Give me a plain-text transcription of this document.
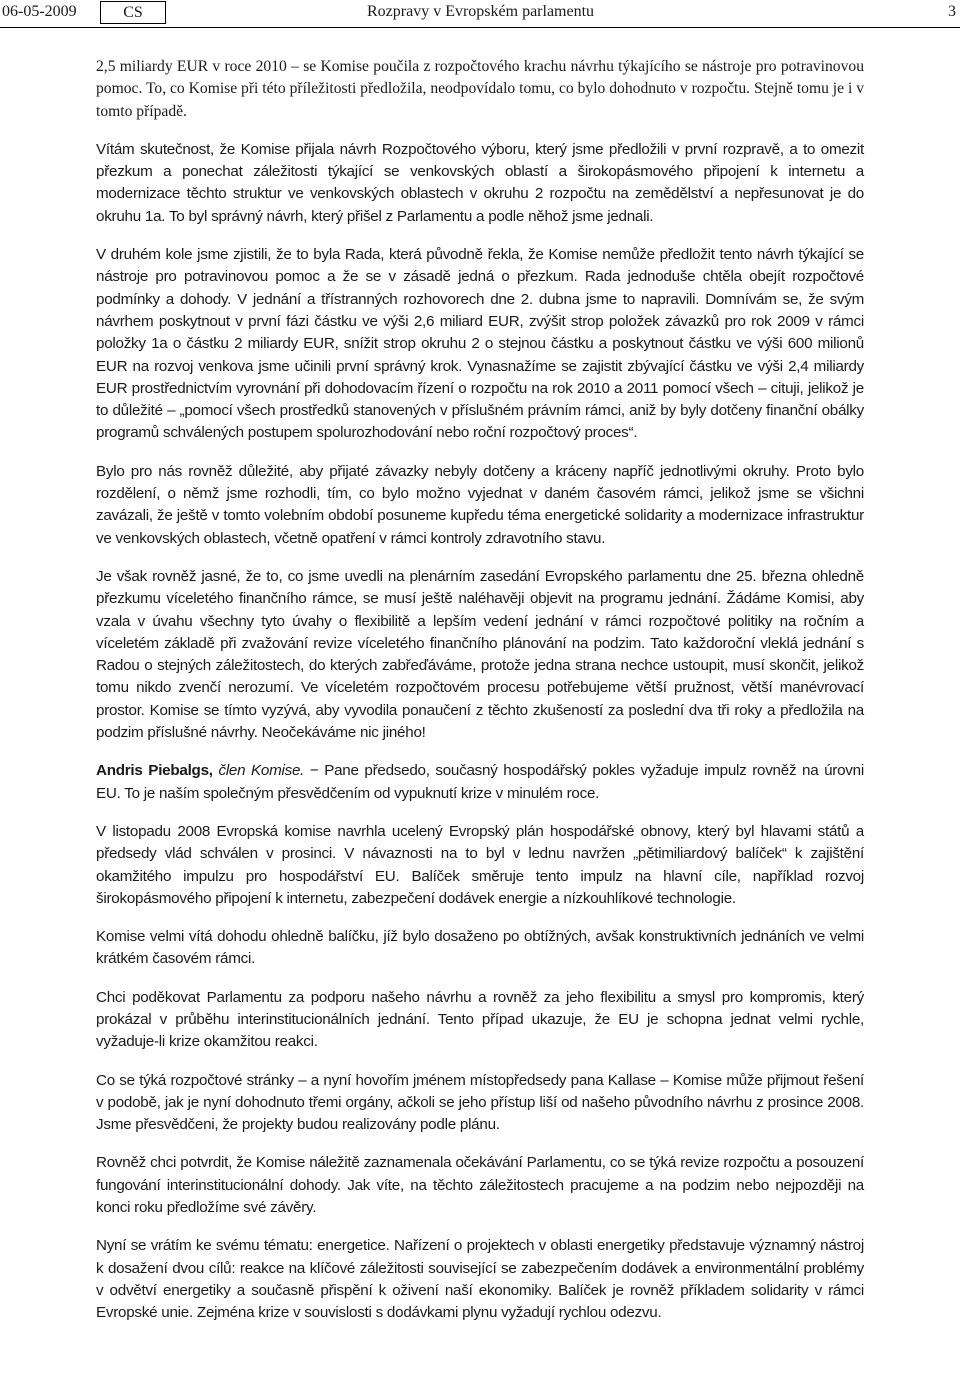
06-05-2009	CS	Rozpravy v Evropském parlamentu	3

2,5 miliardy EUR v roce 2010 – se Komise poučila z rozpočtového krachu návrhu týkajícího se nástroje pro potravinovou pomoc. To, co Komise při této příležitosti předložila, neodpovídalo tomu, co bylo dohodnuto v rozpočtu. Stejně tomu je i v tomto případě.

Vítám skutečnost, že Komise přijala návrh Rozpočtového výboru, který jsme předložili v první rozpravě, a to omezit přezkum a ponechat záležitosti týkající se venkovských oblastí a širokopásmového připojení k internetu a modernizace těchto struktur ve venkovských oblastech v okruhu 2 rozpočtu na zemědělství a nepřesunovat je do okruhu 1a. To byl správný návrh, který přišel z Parlamentu a podle něhož jsme jednali.

V druhém kole jsme zjistili, že to byla Rada, která původně řekla, že Komise nemůže předložit tento návrh týkající se nástroje pro potravinovou pomoc a že se v zásadě jedná o přezkum. Rada jednoduše chtěla obejít rozpočtové podmínky a dohody. V jednání a třístranných rozhovorech dne 2. dubna jsme to napravili. Domnívám se, že svým návrhem poskytnout v první fázi částku ve výši 2,6 miliard EUR, zvýšit strop položek závazků pro rok 2009 v rámci položky 1a o částku 2 miliardy EUR, snížit strop okruhu 2 o stejnou částku a poskytnout částku ve výši 600 milionů EUR na rozvoj venkova jsme učinili první správný krok. Vynasnažíme se zajistit zbývající částku ve výši 2,4 miliardy EUR prostřednictvím vyrovnání při dohodovacím řízení o rozpočtu na rok 2010 a 2011 pomocí všech – cituji, jelikož je to důležité – „pomocí všech prostředků stanovených v příslušném právním rámci, aniž by byly dotčeny finanční obálky programů schválených postupem spolurozhodování nebo roční rozpočtový proces“.

Bylo pro nás rovněž důležité, aby přijaté závazky nebyly dotčeny a kráceny napříč jednotlivými okruhy. Proto bylo rozdělení, o němž jsme rozhodli, tím, co bylo možno vyjednat v daném časovém rámci, jelikož jsme se všichni zavázali, že ještě v tomto volebním období posuneme kupředu téma energetické solidarity a modernizace infrastruktur ve venkovských oblastech, včetně opatření v rámci kontroly zdravotního stavu.

Je však rovněž jasné, že to, co jsme uvedli na plenárním zasedání Evropského parlamentu dne 25. března ohledně přezkumu víceletého finančního rámce, se musí ještě naléhavěji objevit na programu jednání. Žádáme Komisi, aby vzala v úvahu všechny tyto úvahy o flexibilitě a lepším vedení jednání v rámci rozpočtové politiky na ročním a víceletém základě při zvažování revize víceletého finančního plánování na podzim. Tato každoroční vleklá jednání s Radou o stejných záležitostech, do kterých zabřeďáváme, protože jedna strana nechce ustoupit, musí skončit, jelikož tomu nikdo zvenčí nerozumí. Ve víceletém rozpočtovém procesu potřebujeme větší pružnost, větší manévrovací prostor. Komise se tímto vyzývá, aby vyvodila ponaučení z těchto zkušeností za poslední dva tři roky a předložila na podzim příslušné návrhy. Neočekáváme nic jiného!

Andris Piebalgs, člen Komise. − Pane předsedo, současný hospodářský pokles vyžaduje impulz rovněž na úrovni EU. To je naším společným přesvědčením od vypuknutí krize v minulém roce.

V listopadu 2008 Evropská komise navrhla ucelený Evropský plán hospodářské obnovy, který byl hlavami států a předsedy vlád schválen v prosinci. V návaznosti na to byl v lednu navržen „pětimiliardový balíček“ k zajištění okamžitého impulzu pro hospodářství EU. Balíček směruje tento impulz na hlavní cíle, například rozvoj širokopásmového připojení k internetu, zabezpečení dodávek energie a nízkouhlíkové technologie.

Komise velmi vítá dohodu ohledně balíčku, jíž bylo dosaženo po obtížných, avšak konstruktivních jednáních ve velmi krátkém časovém rámci.

Chci poděkovat Parlamentu za podporu našeho návrhu a rovněž za jeho flexibilitu a smysl pro kompromis, který prokázal v průběhu interinstitucionálních jednání. Tento případ ukazuje, že EU je schopna jednat velmi rychle, vyžaduje-li krize okamžitou reakci.

Co se týká rozpočtové stránky – a nyní hovořím jménem místopředsedy pana Kallase – Komise může přijmout řešení v podobě, jak je nyní dohodnuto třemi orgány, ačkoli se jeho přístup liší od našeho původního návrhu z prosince 2008. Jsme přesvědčeni, že projekty budou realizovány podle plánu.

Rovněž chci potvrdit, že Komise náležitě zaznamenala očekávání Parlamentu, co se týká revize rozpočtu a posouzení fungování interinstitucionální dohody. Jak víte, na těchto záležitostech pracujeme a na podzim nebo nejpozději na konci roku předložíme své závěry.

Nyní se vrátím ke svému tématu: energetice. Nařízení o projektech v oblasti energetiky představuje významný nástroj k dosažení dvou cílů: reakce na klíčové záležitosti související se zabezpečením dodávek a environmentální problémy v odvětví energetiky a současně přispění k oživení naší ekonomiky. Balíček je rovněž příkladem solidarity v rámci Evropské unie. Zejména krize v souvislosti s dodávkami plynu vyžadují rychlou odezvu.
